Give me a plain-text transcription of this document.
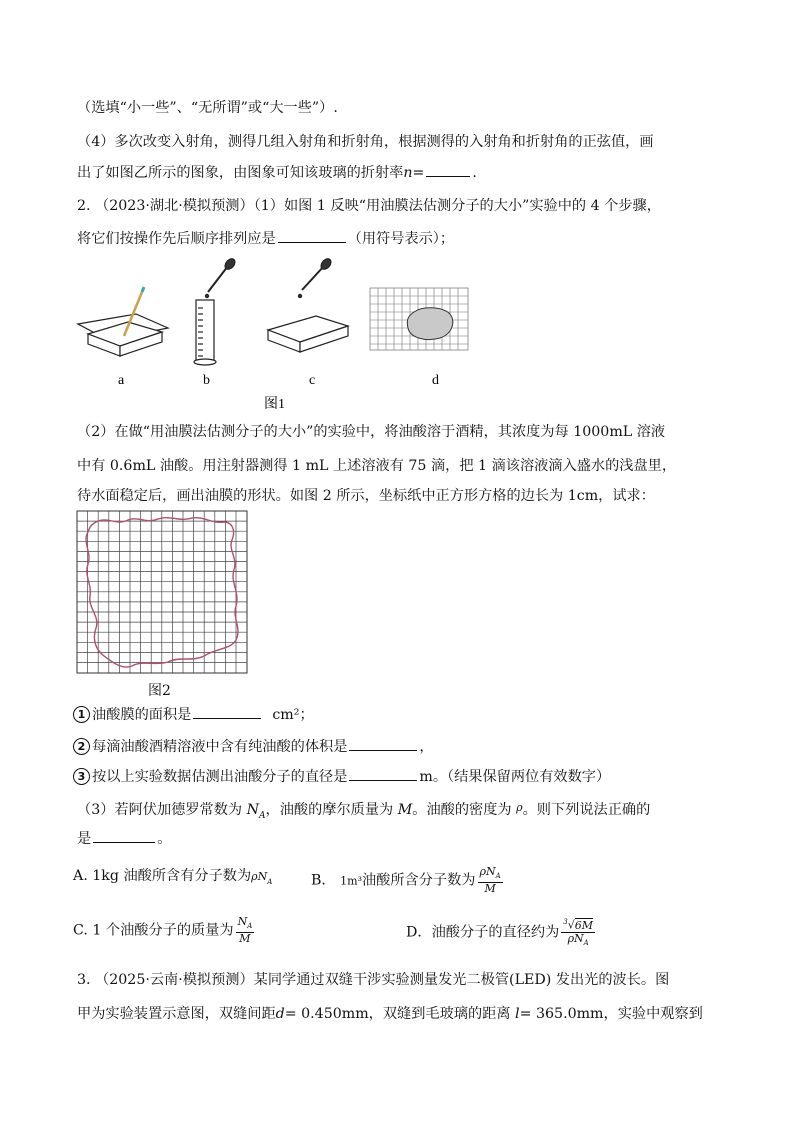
（选填“小一些”、“无所谓”或“大一些”）.
（4）多次改变入射角，测得几组入射角和折射角，根据测得的入射角和折射角的正弦值，画
出了如图乙所示的图象，由图象可知该玻璃的折射率n=	.
2. （2023·湖北·模拟预测）（1）如图 1 反映“用油膜法估测分子的大小”实验中的 4 个步骤，
将它们按操作先后顺序排列应是	（用符号表示）；
a	b	c	d
图1
（2）在做“用油膜法估测分子的大小”的实验中，将油酸溶于酒精，其浓度为每 1000mL 溶液
中有 0.6mL 油酸。用注射器测得 1 mL 上述溶液有 75 滴，把 1 滴该溶液滴入盛水的浅盘里，
待水面稳定后，画出油膜的形状。如图 2 所示，坐标纸中正方形方格的边长为 1cm，试求：
图2
1 油酸膜的面积是	cm²；
2 每滴油酸酒精溶液中含有纯油酸的体积是	，
3 按以上实验数据估测出油酸分子的直径是	m。（结果保留两位有效数字）
（3）若阿伏加德罗常数为 $N_A$，油酸的摩尔质量为 M。油酸的密度为 $^\rho$。则下列说法正确的
是	。
A. 1kg 油酸所含有分子数为$\rho N_A$	B． 1m³油酸所含分子数为 $\frac{\rho N_A}{M}$
C. 1 个油酸分子的质量为 $\frac{N_A}{M}$	D．油酸分子的直径约为 $\frac{^3√6M}{\rho N_A}$
3. （2025·云南·模拟预测）某同学通过双缝干涉实验测量发光二极管(LED) 发出光的波长。图
甲为实验装置示意图，双缝间距d= 0.450mm，双缝到毛玻璃的距离 l= 365.0mm，实验中观察到
